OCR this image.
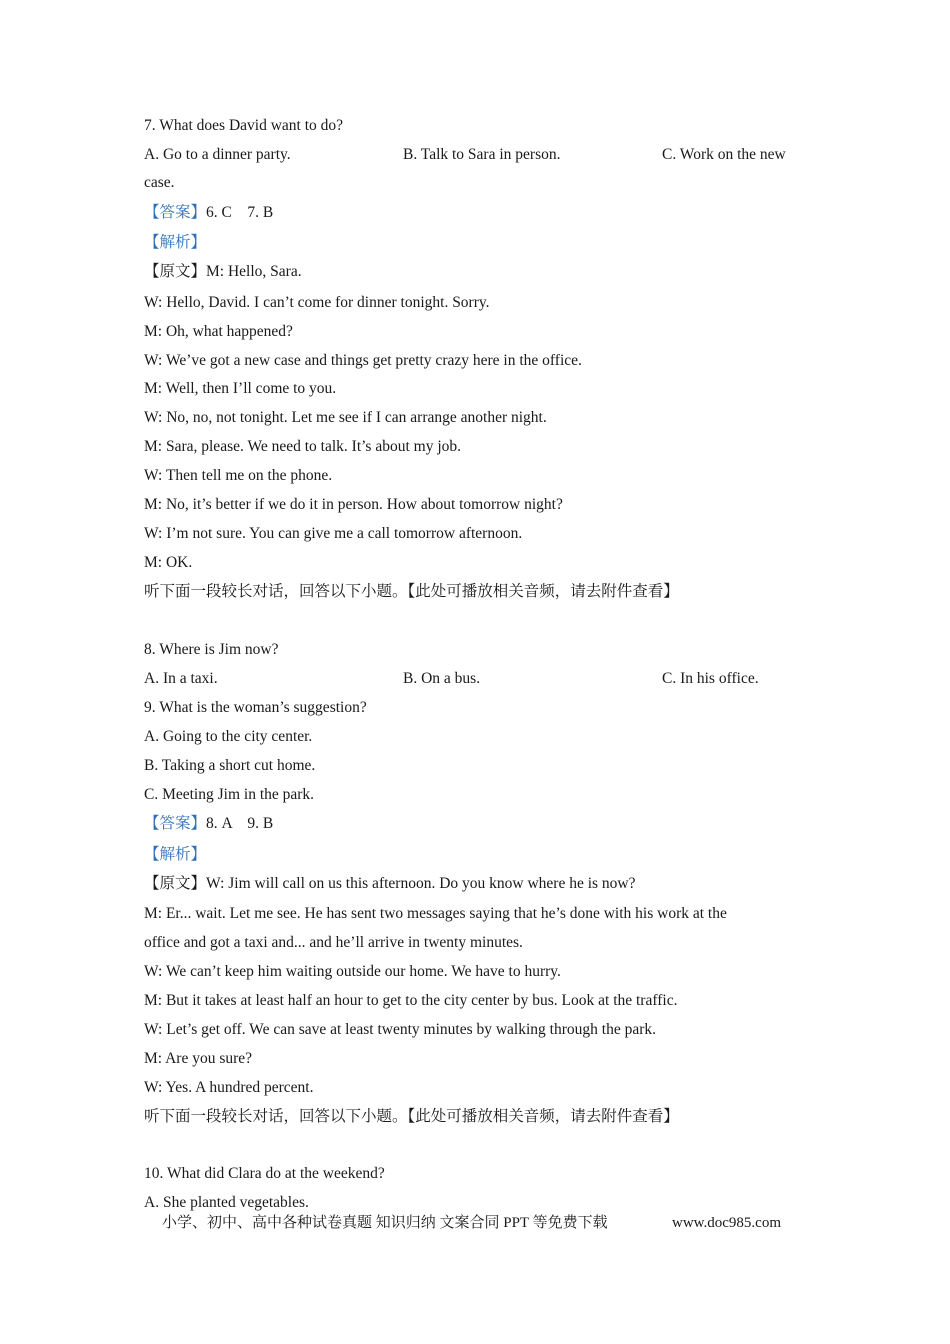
7. What does David want to do?
A. Go to a dinner party.	B. Talk to Sara in person.	C. Work on the new
case.
【答案】6. C    7. B
【解析】
【原文】M: Hello, Sara.
W: Hello, David. I can’t come for dinner tonight. Sorry.
M: Oh, what happened?
W: We’ve got a new case and things get pretty crazy here in the office.
M: Well, then I’ll come to you.
W: No, no, not tonight. Let me see if I can arrange another night.
M: Sara, please. We need to talk. It’s about my job.
W: Then tell me on the phone.
M: No, it’s better if we do it in person. How about tomorrow night?
W: I’m not sure. You can give me a call tomorrow afternoon.
M: OK.
听下面一段较长对话，回答以下小题。【此处可播放相关音频，请去附件查看】
8. Where is Jim now?
A. In a taxi.	B. On a bus.	C. In his office.
9. What is the woman’s suggestion?
A. Going to the city center.
B. Taking a short cut home.
C. Meeting Jim in the park.
【答案】8. A    9. B
【解析】
【原文】W: Jim will call on us this afternoon. Do you know where he is now?
M: Er... wait. Let me see. He has sent two messages saying that he’s done with his work at the
office and got a taxi and... and he’ll arrive in twenty minutes.
W: We can’t keep him waiting outside our home. We have to hurry.
M: But it takes at least half an hour to get to the city center by bus. Look at the traffic.
W: Let’s get off. We can save at least twenty minutes by walking through the park.
M: Are you sure?
W: Yes. A hundred percent.
听下面一段较长对话，回答以下小题。【此处可播放相关音频，请去附件查看】
10. What did Clara do at the weekend?
A. She planted vegetables.
小学、初中、高中各种试卷真题 知识归纳 文案合同 PPT 等免费下载	www.doc985.com
